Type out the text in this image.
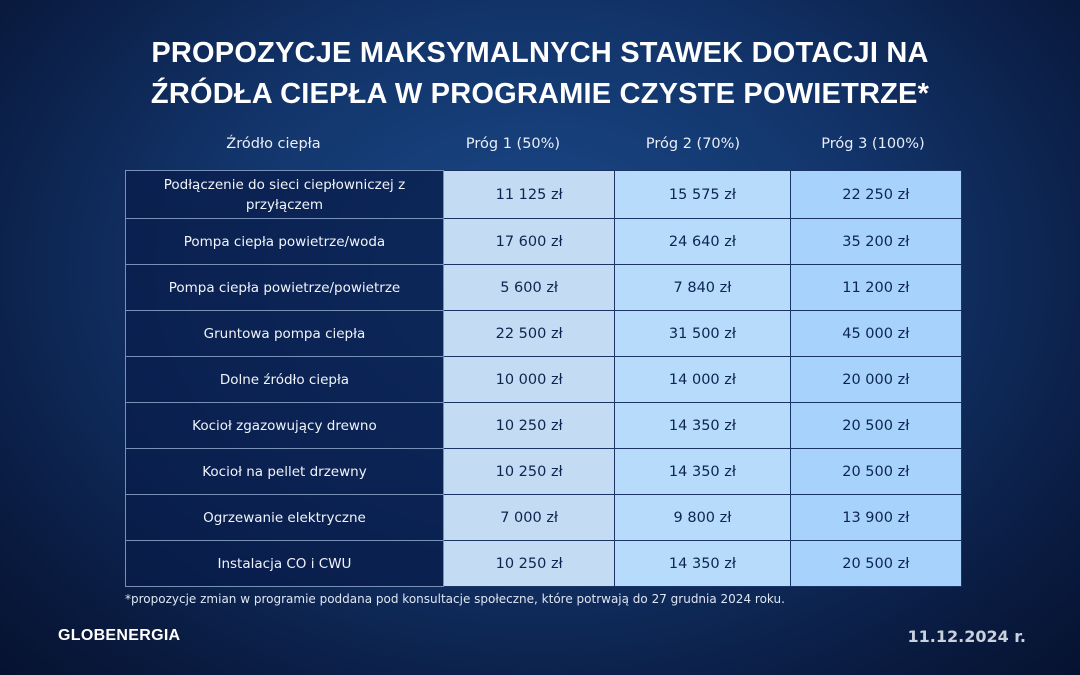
PROPOZYCJE MAKSYMALNYCH STAWEK DOTACJI NA
ŹRÓDŁA CIEPŁA W PROGRAMIE CZYSTE POWIETRZE*
Źródło ciepła	Próg 1 (50%)	Próg 2 (70%)	Próg 3 (100%)
Podłączenie do sieci ciepłowniczej z przyłączem	11 125 zł	15 575 zł	22 250 zł
Pompa ciepła powietrze/woda	17 600 zł	24 640 zł	35 200 zł
Pompa ciepła powietrze/powietrze	5 600 zł	7 840 zł	11 200 zł
Gruntowa pompa ciepła	22 500 zł	31 500 zł	45 000 zł
Dolne źródło ciepła	10 000 zł	14 000 zł	20 000 zł
Kocioł zgazowujący drewno	10 250 zł	14 350 zł	20 500 zł
Kocioł na pellet drzewny	10 250 zł	14 350 zł	20 500 zł
Ogrzewanie elektryczne	7 000 zł	9 800 zł	13 900 zł
Instalacja CO i CWU	10 250 zł	14 350 zł	20 500 zł
*propozycje zmian w programie poddana pod konsultacje społeczne, które potrwają do 27 grudnia 2024 roku.
GLOBENERGIA	11.12.2024 r.
